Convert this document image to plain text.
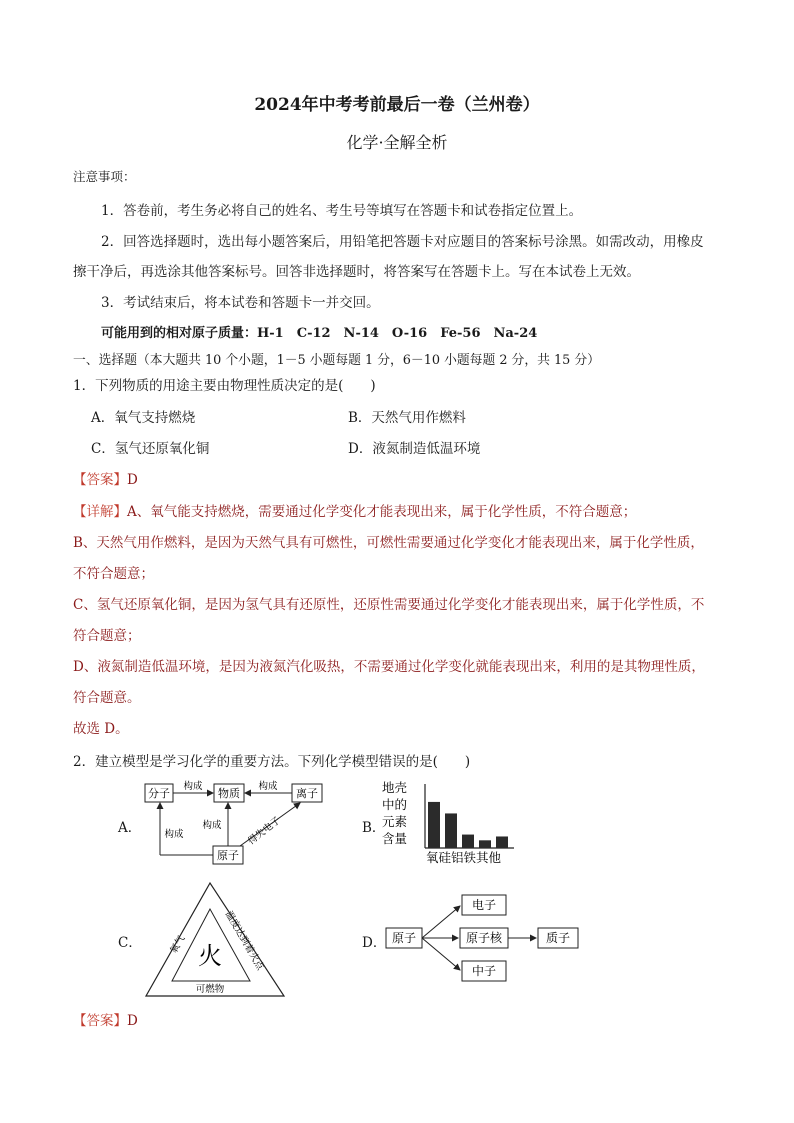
2024年中考考前最后一卷（兰州卷）
化学·全解全析
注意事项：
1．答卷前，考生务必将自己的姓名、考生号等填写在答题卡和试卷指定位置上。
2．回答选择题时，选出每小题答案后，用铅笔把答题卡对应题目的答案标号涂黑。如需改动，用橡皮
擦干净后，再选涂其他答案标号。回答非选择题时，将答案写在答题卡上。写在本试卷上无效。
3．考试结束后，将本试卷和答题卡一并交回。
可能用到的相对原子质量：H-1　C-12　N-14　O-16　Fe-56　Na-24
一、选择题（本大题共 10 个小题，1－5 小题每题 1 分，6－10 小题每题 2 分，共 15 分）
1．下列物质的用途主要由物理性质决定的是(　　)
A．氧气支持燃烧	B．天然气用作燃料
C．氢气还原氧化铜	D．液氮制造低温环境
【答案】D
【详解】A、氧气能支持燃烧，需要通过化学变化才能表现出来，属于化学性质，不符合题意；
B、天然气用作燃料，是因为天然气具有可燃性，可燃性需要通过化学变化才能表现出来，属于化学性质，
不符合题意；
C、氢气还原氧化铜，是因为氢气具有还原性，还原性需要通过化学变化才能表现出来，属于化学性质，不
符合题意；
D、液氮制造低温环境，是因为液氮汽化吸热，不需要通过化学变化就能表现出来，利用的是其物理性质，
符合题意。
故选 D。
2．建立模型是学习化学的重要方法。下列化学模型错误的是(　　)
A．
分子	物质	离子
原子
构成	构成
构成
构成	得失电子	B．
地壳
中的
元素
含量
氧硅铝铁其他
C． 火
氧气	温度达到着火点
可燃物
D． 原子
电子
原子核
中子
质子
【答案】D
